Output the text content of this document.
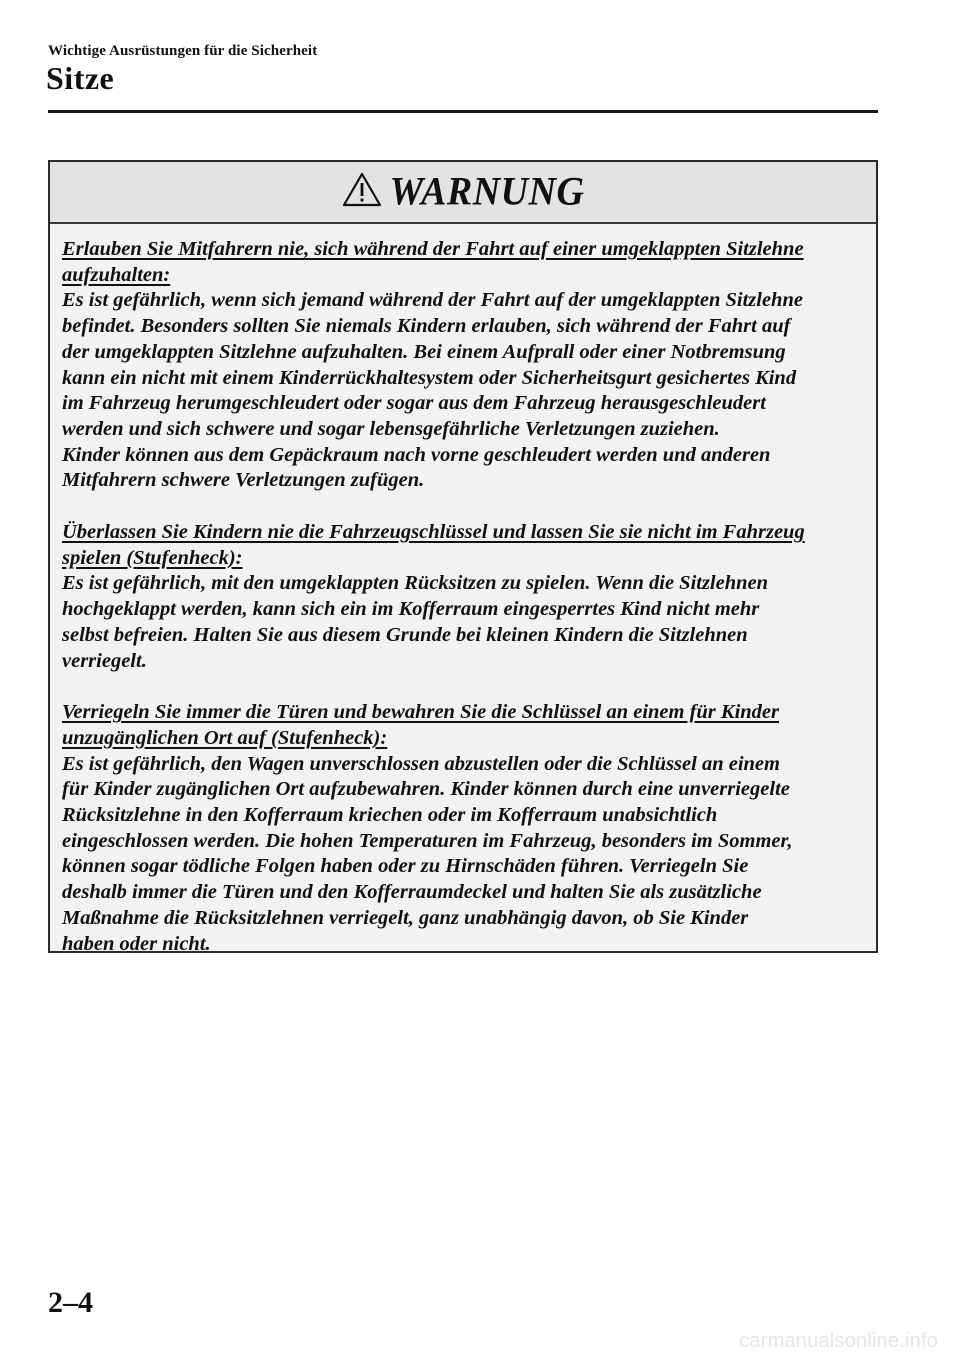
Wichtige Ausrüstungen für die Sicherheit
Sitze
WARNUNG

Erlauben Sie Mitfahrern nie, sich während der Fahrt auf einer umgeklappten Sitzlehne aufzuhalten:

Es ist gefährlich, wenn sich jemand während der Fahrt auf der umgeklappten Sitzlehne

befindet. Besonders sollten Sie niemals Kindern erlauben, sich während der Fahrt auf

der umgeklappten Sitzlehne aufzuhalten. Bei einem Aufprall oder einer Notbremsung

kann ein nicht mit einem Kinderrückhaltesystem oder Sicherheitsgurt gesichertes Kind

im Fahrzeug herumgeschleudert oder sogar aus dem Fahrzeug herausgeschleudert

werden und sich schwere und sogar lebensgefährliche Verletzungen zuziehen.

Kinder können aus dem Gepäckraum nach vorne geschleudert werden und anderen

Mitfahrern schwere Verletzungen zufügen.

Überlassen Sie Kindern nie die Fahrzeugschlüssel und lassen Sie sie nicht im Fahrzeug spielen (Stufenheck):

Es ist gefährlich, mit den umgeklappten Rücksitzen zu spielen. Wenn die Sitzlehnen

hochgeklappt werden, kann sich ein im Kofferraum eingesperrtes Kind nicht mehr

selbst befreien. Halten Sie aus diesem Grunde bei kleinen Kindern die Sitzlehnen

verriegelt.

Verriegeln Sie immer die Türen und bewahren Sie die Schlüssel an einem für Kinder unzugänglichen Ort auf (Stufenheck):

Es ist gefährlich, den Wagen unverschlossen abzustellen oder die Schlüssel an einem

für Kinder zugänglichen Ort aufzubewahren. Kinder können durch eine unverriegelte

Rücksitzlehne in den Kofferraum kriechen oder im Kofferraum unabsichtlich

eingeschlossen werden. Die hohen Temperaturen im Fahrzeug, besonders im Sommer,

können sogar tödliche Folgen haben oder zu Hirnschäden führen. Verriegeln Sie

deshalb immer die Türen und den Kofferraumdeckel und halten Sie als zusätzliche

Maßnahme die Rücksitzlehnen verriegelt, ganz unabhängig davon, ob Sie Kinder

haben oder nicht.

2–4
carmanualsonline.info
